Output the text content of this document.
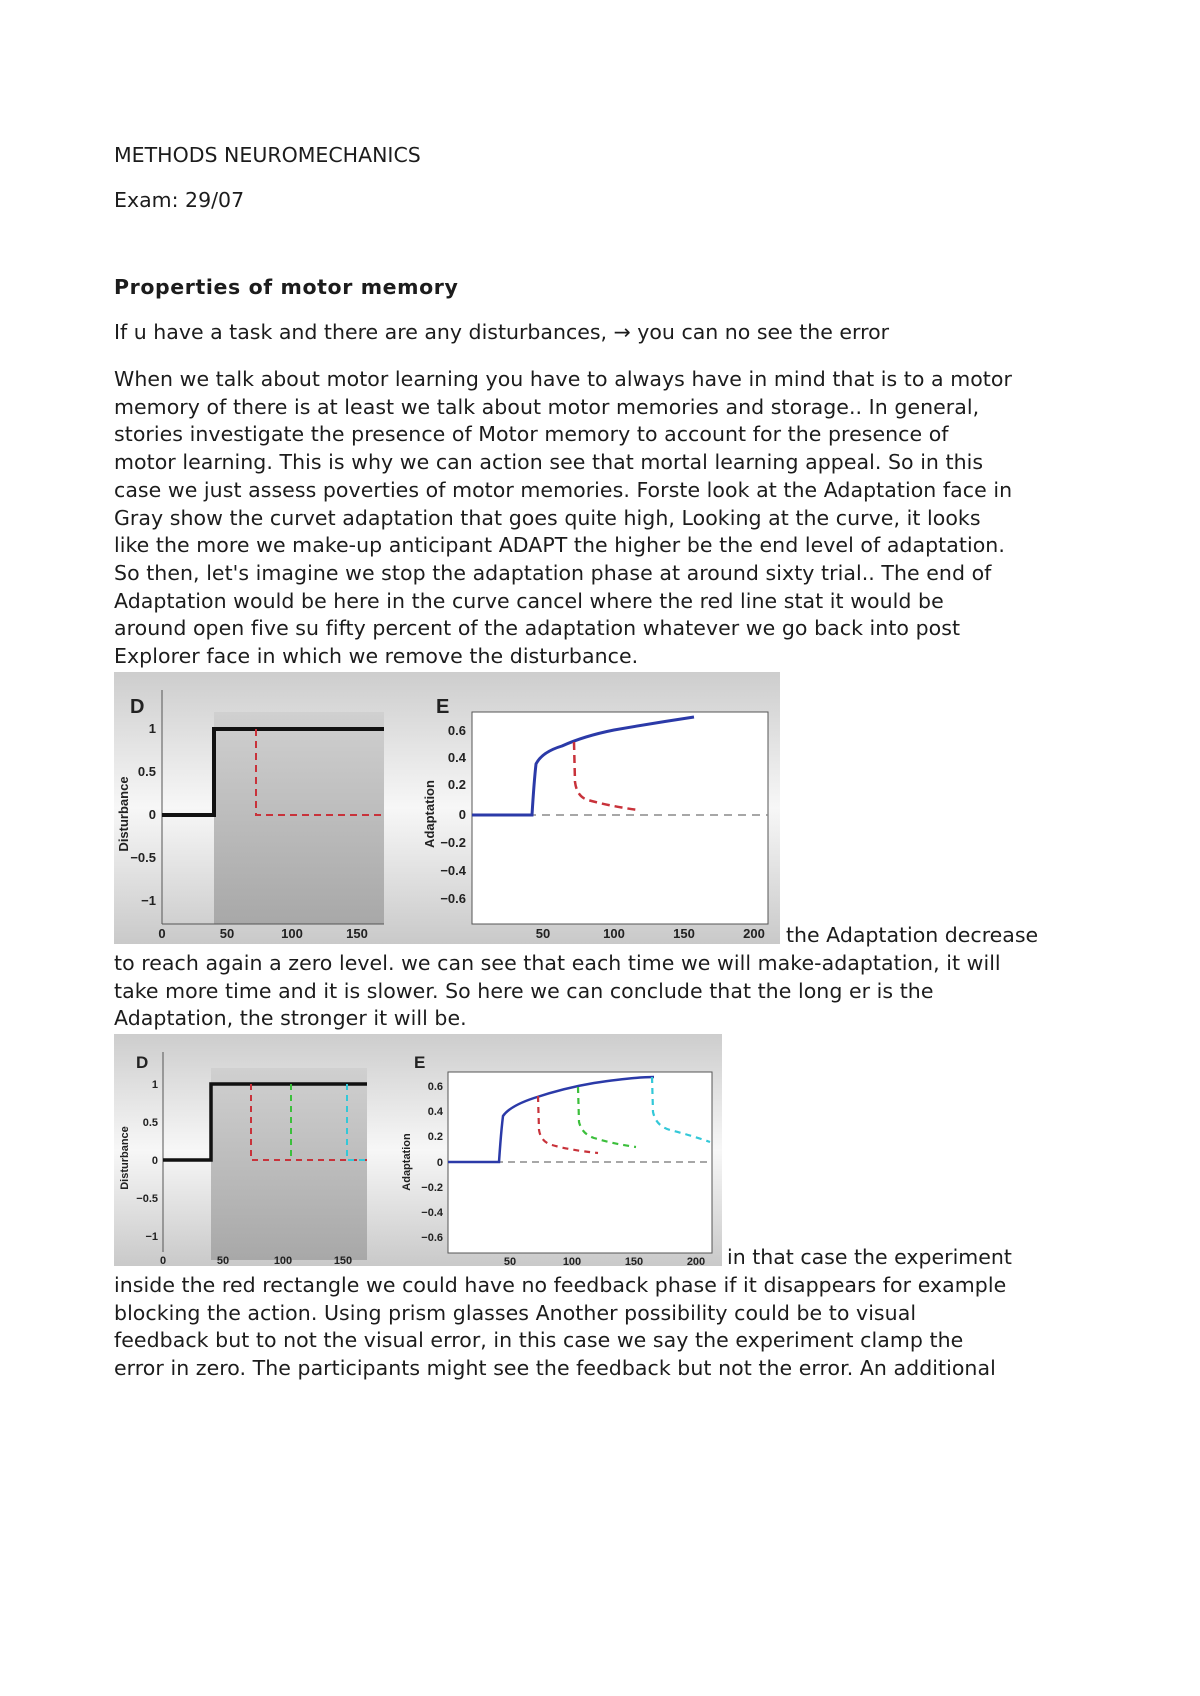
METHODS NEUROMECHANICS
Exam: 29/07
Properties of motor memory
If u have a task and there are any disturbances, → you can no see the error
When we talk about motor learning you have to always have in mind that is to a motor
memory of there is at least we talk about motor memories and storage.. In general,
stories investigate the presence of Motor memory to account for the presence of
motor learning. This is why we can action see that mortal learning appeal. So in this
case we just assess poverties of motor memories. Forste look at the Adaptation face in
Gray show the curvet adaptation that goes quite high, Looking at the curve, it looks
like the more we make-up anticipant ADAPT the higher be the end level of adaptation.
So then, let's imagine we stop the adaptation phase at around sixty trial.. The end of
Adaptation would be here in the curve cancel where the red line stat it would be
around open five su fifty percent of the adaptation whatever we go back into post
Explorer face in which we remove the disturbance.
D
Disturbance
1
0.5
0
−0.5
−1
0	50	100	150
E
Adaptation
0.6
0.4
0.2
0
−0.2
−0.4
−0.6
50	100	150	200 the Adaptation decrease
to reach again a zero level. we can see that each time we will make-adaptation, it will
take more time and it is slower. So here we can conclude that the long er is the
Adaptation, the stronger it will be.
D
Disturbance
1
0.5
0
−0.5
−1
0	50	100	150
E
Adaptation
0.6
0.4
0.2
0
−0.2
−0.4
−0.6
50	100	150	200 in that case the experiment
inside the red rectangle we could have no feedback phase if it disappears for example
blocking the action. Using prism glasses Another possibility could be to visual
feedback but to not the visual error, in this case we say the experiment clamp the
error in zero. The participants might see the feedback but not the error. An additional
